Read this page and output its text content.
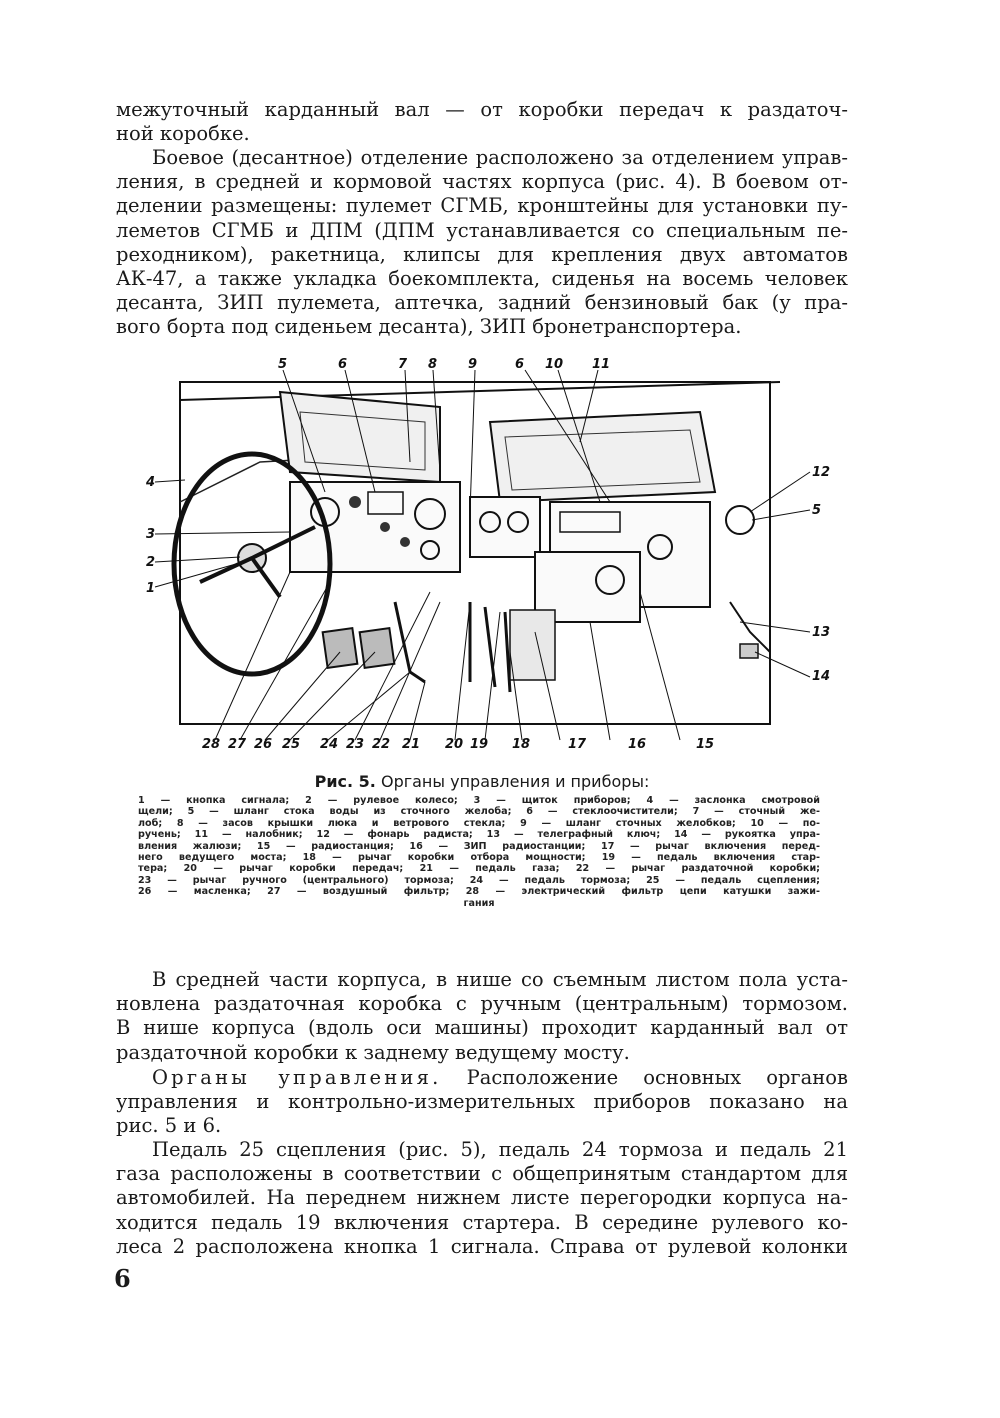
межуточный карданный вал — от коробки передач к раздаточ-
ной коробке.

Боевое (десантное) отделение расположено за отделением управ-
ления, в средней и кормовой частях корпуса (рис. 4). В боевом от-
делении размещены: пулемет СГМБ, кронштейны для установки пу-
леметов СГМБ и ДПМ (ДПМ устанавливается со специальным пе-
реходником), ракетница, клипсы для крепления двух автоматов
АК-47, а также укладка боекомплекта, сиденья на восемь человек
десанта, ЗИП пулемета, аптечка, задний бензиновый бак (у пра-
вого борта под сиденьем десанта), ЗИП бронетранспортера.

5	6	7 8 9	6 10 11
4
3
2
1
12
5
13
14
28 27 26 25 24 23 22 21 20 19 18	17	16	15
Рис. 5. Органы управления и приборы:
1 — кнопка сигнала; 2 — рулевое колесо; 3 — щиток приборов; 4 — заслонка смотровой
щели; 5 — шланг стока воды из сточного желоба; 6 — стеклоочистители; 7 — сточный же-
лоб; 8 — засов крышки люка и ветрового стекла; 9 — шланг сточных желобков; 10 — по-
ручень; 11 — налобник; 12 — фонарь радиста; 13 — телеграфный ключ; 14 — рукоятка упра-
вления жалюзи; 15 — радиостанция; 16 — ЗИП радиостанции; 17 — рычаг включения перед-
него ведущего моста; 18 — рычаг коробки отбора мощности; 19 — педаль включения стар-
тера; 20 — рычаг коробки передач; 21 — педаль газа; 22 — рычаг раздаточной коробки;
23 — рычаг ручного (центрального) тормоза; 24 — педаль тормоза; 25 — педаль сцепления;
26 — масленка; 27 — воздушный фильтр; 28 — электрический фильтр цепи катушки зажи-
гания

В средней части корпуса, в нише со съемным листом пола уста-
новлена раздаточная коробка с ручным (центральным) тормозом.
В нише корпуса (вдоль оси машины) проходит карданный вал от
раздаточной коробки к заднему ведущему мосту.

Органы управления. Расположение основных органов
управления и контрольно-измерительных приборов показано на
рис. 5 и 6.

Педаль 25 сцепления (рис. 5), педаль 24 тормоза и педаль 21
газа расположены в соответствии с общепринятым стандартом для
автомобилей. На переднем нижнем листе перегородки корпуса на-
ходится педаль 19 включения стартера. В середине рулевого ко-
леса 2 расположена кнопка 1 сигнала. Справа от рулевой колонки

6
